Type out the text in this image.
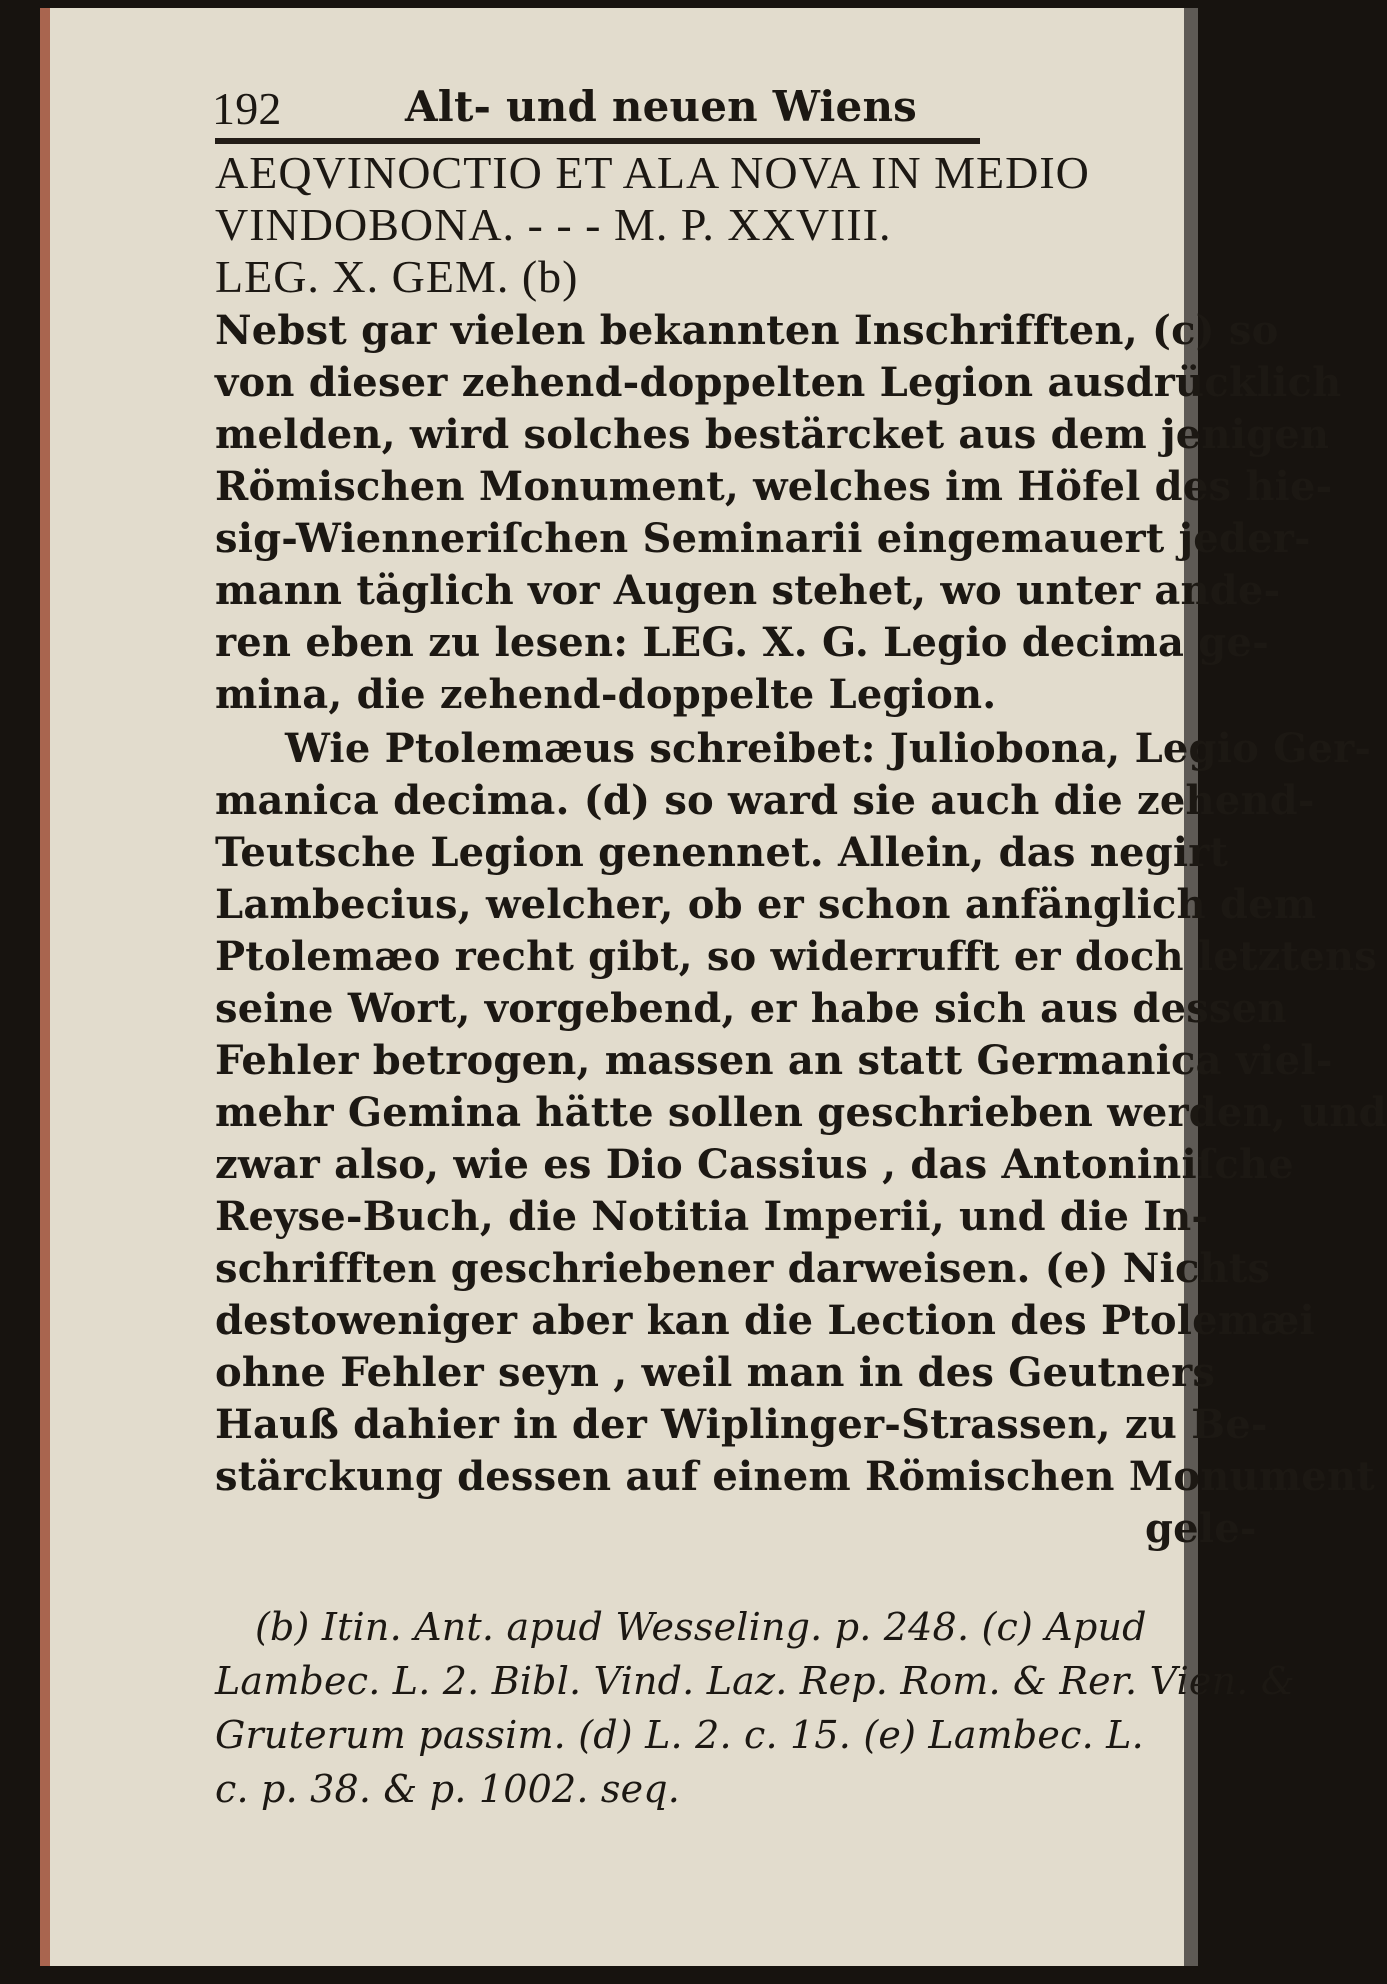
192	Alt- und neuen Wiens
AEQVINOCTIO ET ALA NOVA IN MEDIO
VINDOBONA. - - - M. P. XXVIII.
LEG. X. GEM. (b)
Nebst gar vielen bekannten Inschrifften, (c) so
von dieser zehend-doppelten Legion ausdrücklich
melden, wird solches bestärcket aus dem jenigen
Römischen Monument, welches im Höfel des hie-
sig-Wienneriſchen Seminarii eingemauert jeder-
mann täglich vor Augen stehet, wo unter ande-
ren eben zu lesen: LEG. X. G. Legio decima ge-
mina, die zehend-doppelte Legion.
Wie Ptolemæus schreibet: Juliobona, Legio Ger-
manica decima. (d) so ward sie auch die zehend-
Teutsche Legion genennet. Allein, das negirt
Lambecius, welcher, ob er schon anfänglich dem
Ptolemæo recht gibt, so widerrufft er doch letztens
seine Wort, vorgebend, er habe sich aus dessen
Fehler betrogen, massen an statt Germanica viel-
mehr Gemina hätte sollen geschrieben werden, und
zwar also, wie es Dio Cassius , das Antoniniſche
Reyse-Buch, die Notitia Imperii, und die In-
schrifften geschriebener darweisen. (e) Nichts
destoweniger aber kan die Lection des Ptolemæi
ohne Fehler seyn , weil man in des Geutners
Hauß dahier in der Wiplinger-Strassen, zu Be-
stärckung dessen auf einem Römischen Monument
gele-
(b) Itin. Ant. apud Wesseling. p. 248. (c) Apud
Lambec. L. 2. Bibl. Vind. Laz. Rep. Rom. & Rer. Vien. &
Gruterum passim. (d) L. 2. c. 15. (e) Lambec. L.
c. p. 38. & p. 1002. seq.
